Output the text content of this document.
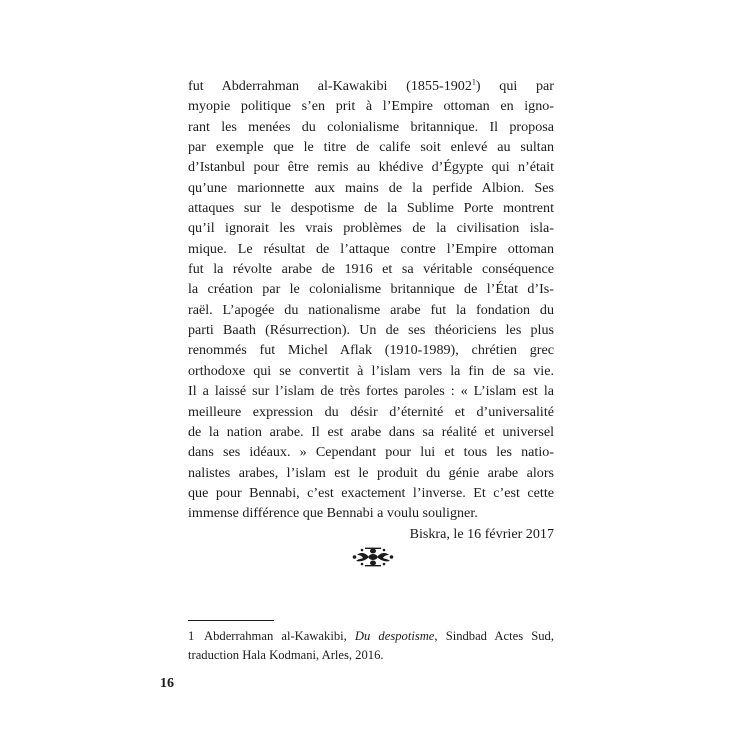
fut Abderrahman al-Kawakibi (1855-1902$^1$) qui par
myopie politique s’en prit à l’Empire ottoman en igno-
rant les menées du colonialisme britannique. Il proposa
par exemple que le titre de calife soit enlevé au sultan
d’Istanbul pour être remis au khédive d’Égypte qui n’était
qu’une marionnette aux mains de la perfide Albion. Ses
attaques sur le despotisme de la Sublime Porte montrent
qu’il ignorait les vrais problèmes de la civilisation isla-
mique. Le résultat de l’attaque contre l’Empire ottoman
fut la révolte arabe de 1916 et sa véritable conséquence
la création par le colonialisme britannique de l’État d’Is-
raël. L’apogée du nationalisme arabe fut la fondation du
parti Baath (Résurrection). Un de ses théoriciens les plus
renommés fut Michel Aflak (1910-1989), chrétien grec
orthodoxe qui se convertit à l’islam vers la fin de sa vie.
Il a laissé sur l’islam de très fortes paroles : « L’islam est la
meilleure expression du désir d’éternité et d’universalité
de la nation arabe. Il est arabe dans sa réalité et universel
dans ses idéaux. » Cependant pour lui et tous les natio-
nalistes arabes, l’islam est le produit du génie arabe alors
que pour Bennabi, c’est exactement l’inverse. Et c’est cette
immense différence que Bennabi a voulu souligner.
Biskra, le 16 février 2017
1 Abderrahman al-Kawakibi, Du despotisme, Sindbad Actes Sud,
traduction Hala Kodmani, Arles, 2016.
16
